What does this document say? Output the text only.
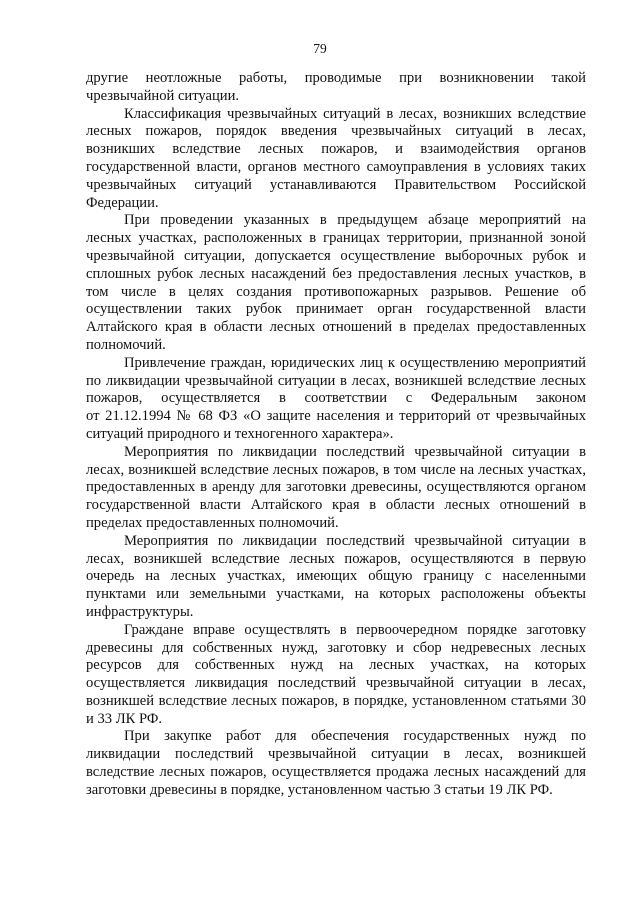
79

другие неотложные работы, проводимые при возникновении такой чрезвычайной ситуации.

Классификация чрезвычайных ситуаций в лесах, возникших вследствие лесных пожаров, порядок введения чрезвычайных ситуаций в лесах, возникших вследствие лесных пожаров, и взаимодействия органов государственной власти, органов местного самоуправления в условиях таких чрезвычайных ситуаций устанавливаются Правительством Российской Федерации.

При проведении указанных в предыдущем абзаце мероприятий на лесных участках, расположенных в границах территории, признанной зоной чрезвычайной ситуации, допускается осуществление выборочных рубок и сплошных рубок лесных насаждений без предоставления лесных участков, в том числе в целях создания противопожарных разрывов. Решение об осуществлении таких рубок принимает орган государственной власти Алтайского края в области лесных отношений в пределах предоставленных полномочий.

Привлечение граждан, юридических лиц к осуществлению мероприятий по ликвидации чрезвычайной ситуации в лесах, возникшей вследствие лесных пожаров, осуществляется в соответствии с Федеральным законом

от 21.12.1994 № 68 ФЗ «О защите населения и территорий от чрезвычайных ситуаций природного и техногенного характера».

Мероприятия по ликвидации последствий чрезвычайной ситуации в лесах, возникшей вследствие лесных пожаров, в том числе на лесных участках, предоставленных в аренду для заготовки древесины, осуществляются органом государственной власти Алтайского края в области лесных отношений в пределах предоставленных полномочий.

Мероприятия по ликвидации последствий чрезвычайной ситуации в лесах, возникшей вследствие лесных пожаров, осуществляются в первую очередь на лесных участках, имеющих общую границу с населенными пунктами или земельными участками, на которых расположены объекты инфраструктуры.

Граждане вправе осуществлять в первоочередном порядке заготовку древесины для собственных нужд, заготовку и сбор недревесных лесных ресурсов для собственных нужд на лесных участках, на которых осуществляется ликвидация последствий чрезвычайной ситуации в лесах, возникшей вследствие лесных пожаров, в порядке, установленном статьями 30 и 33 ЛК РФ.

При закупке работ для обеспечения государственных нужд по ликвидации последствий чрезвычайной ситуации в лесах, возникшей вследствие лесных пожаров, осуществляется продажа лесных насаждений для заготовки древесины в порядке, установленном частью 3 статьи 19 ЛК РФ.
